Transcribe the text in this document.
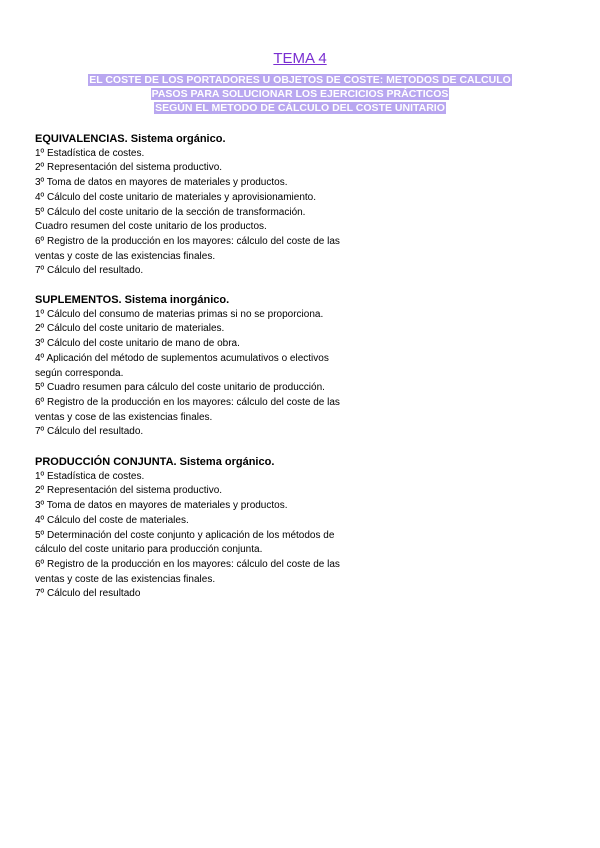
TEMA 4
EL COSTE DE LOS PORTADORES U OBJETOS DE COSTE: METODOS DE CALCULO
PASOS PARA SOLUCIONAR LOS EJERCICIOS PRÁCTICOS
SEGÚN EL METODO DE CÁLCULO DEL COSTE UNITARIO
EQUIVALENCIAS. Sistema orgánico.
1º Estadística de costes.
2º Representación del sistema productivo.
3º Toma de datos en mayores de materiales y productos.
4º Cálculo del coste unitario de materiales y aprovisionamiento.
5º Cálculo del coste unitario de la sección de transformación.
Cuadro resumen del coste unitario de los productos.
6º Registro de la producción en los mayores: cálculo del coste de las
ventas y coste de las existencias finales.
7º Cálculo del resultado.
SUPLEMENTOS. Sistema inorgánico.
1º Cálculo del consumo de materias primas si no se proporciona.
2º Cálculo del coste unitario de materiales.
3º Cálculo del coste unitario de mano de obra.
4º Aplicación del método de suplementos acumulativos o electivos
según corresponda.
5º Cuadro resumen para cálculo del coste unitario de producción.
6º Registro de la producción en los mayores: cálculo del coste de las
ventas y cose de las existencias finales.
7º Cálculo del resultado.
PRODUCCIÓN CONJUNTA. Sistema orgánico.
1º Estadística de costes.
2º Representación del sistema productivo.
3º Toma de datos en mayores de materiales y productos.
4º Cálculo del coste de materiales.
5º Determinación del coste conjunto y aplicación de los métodos de
cálculo del coste unitario para producción conjunta.
6º Registro de la producción en los mayores: cálculo del coste de las
ventas y coste de las existencias finales.
7º Cálculo del resultado
